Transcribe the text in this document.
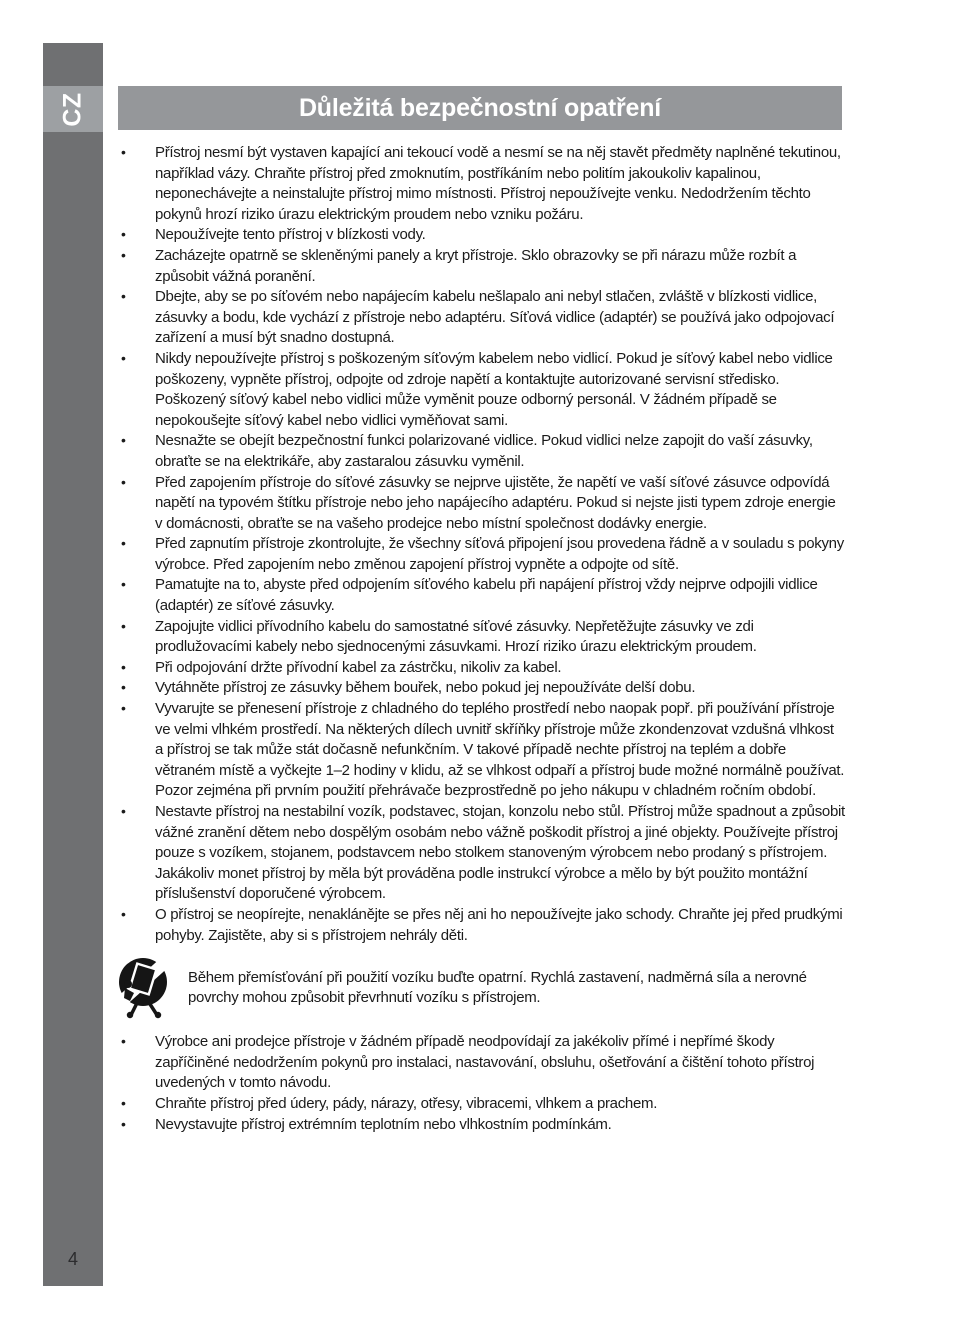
CZ
4
Důležitá bezpečnostní opatření
• Přístroj nesmí být vystaven kapající ani tekoucí vodě a nesmí se na něj stavět předměty naplněné tekutinou, například vázy. Chraňte přístroj před zmoknutím, postříkáním nebo politím jakoukoliv kapalinou, neponechávejte a neinstalujte přístroj mimo místnosti. Přístroj nepoužívejte venku. Nedodržením těchto pokynů hrozí riziko úrazu elektrickým proudem nebo vzniku požáru.
• Nepoužívejte tento přístroj v blízkosti vody.
• Zacházejte opatrně se skleněnými panely a kryt přístroje. Sklo obrazovky se při nárazu může rozbít a způsobit vážná poranění.
• Dbejte, aby se po síťovém nebo napájecím kabelu nešlapalo ani nebyl stlačen, zvláště v blízkosti vidlice, zásuvky a bodu, kde vychází z přístroje nebo adaptéru. Síťová vidlice (adaptér) se používá jako odpojovací zařízení a musí být snadno dostupná.
• Nikdy nepoužívejte přístroj s poškozeným síťovým kabelem nebo vidlicí. Pokud je síťový kabel nebo vidlice poškozeny, vypněte přístroj, odpojte od zdroje napětí a kontaktujte autorizované servisní středisko. Poškozený síťový kabel nebo vidlici může vyměnit pouze odborný personál. V žádném případě se nepokoušejte síťový kabel nebo vidlici vyměňovat sami.
• Nesnažte se obejít bezpečnostní funkci polarizované vidlice. Pokud vidlici nelze zapojit do vaší zásuvky, obraťte se na elektrikáře, aby zastaralou zásuvku vyměnil.
• Před zapojením přístroje do síťové zásuvky se nejprve ujistěte, že napětí ve vaší síťové zásuvce odpovídá napětí na typovém štítku přístroje nebo jeho napájecího adaptéru. Pokud si nejste jisti typem zdroje energie v domácnosti, obraťte se na vašeho prodejce nebo místní společnost dodávky energie.
• Před zapnutím přístroje zkontrolujte, že všechny síťová připojení jsou provedena řádně a v souladu s pokyny výrobce. Před zapojením nebo změnou zapojení přístroj vypněte a odpojte od sítě.
• Pamatujte na to, abyste před odpojením síťového kabelu při napájení přístroj vždy nejprve odpojili vidlice (adaptér) ze síťové zásuvky.
• Zapojujte vidlici přívodního kabelu do samostatné síťové zásuvky. Nepřetěžujte zásuvky ve zdi prodlužovacími kabely nebo sjednocenými zásuvkami. Hrozí riziko úrazu elektrickým proudem.
• Při odpojování držte přívodní kabel za zástrčku, nikoliv za kabel.
• Vytáhněte přístroj ze zásuvky během bouřek, nebo pokud jej nepoužíváte delší dobu.
• Vyvarujte se přenesení přístroje z chladného do teplého prostředí nebo naopak popř. při používání přístroje ve velmi vlhkém prostředí. Na některých dílech uvnitř skříňky přístroje může zkondenzovat vzdušná vlhkost a přístroj se tak může stát dočasně nefunkčním. V takové případě nechte přístroj na teplém a dobře větraném místě a vyčkejte 1–2 hodiny v klidu, až se vlhkost odpaří a přístroj bude možné normálně používat. Pozor zejména při prvním použití přehrávače bezprostředně po jeho nákupu v chladném ročním období.
• Nestavte přístroj na nestabilní vozík, podstavec, stojan, konzolu nebo stůl. Přístroj může spadnout a způsobit vážné zranění dětem nebo dospělým osobám nebo vážně poškodit přístroj a jiné objekty. Používejte přístroj pouze s vozíkem, stojanem, podstavcem nebo stolkem stanoveným výrobcem nebo prodaný s přístrojem. Jakákoliv monet přístroj by měla být prováděna podle instrukcí výrobce a mělo by být použito montážní příslušenství doporučené výrobcem.
• O přístroj se neopírejte, nenaklánějte se přes něj ani ho nepoužívejte jako schody. Chraňte jej před prudkými pohyby. Zajistěte, aby si s přístrojem nehrály děti.
Během přemísťování při použití vozíku buďte opatrní. Rychlá zastavení, nadměrná síla a nerovné povrchy mohou způsobit převrhnutí vozíku s přístrojem.
• Výrobce ani prodejce přístroje v žádném případě neodpovídají za jakékoliv přímé i nepřímé škody zapříčiněné nedodržením pokynů pro instalaci, nastavování, obsluhu, ošetřování a čištění tohoto přístroj uvedených v tomto návodu.
• Chraňte přístroj před údery, pády, nárazy, otřesy, vibracemi, vlhkem a prachem.
• Nevystavujte přístroj extrémním teplotním nebo vlhkostním podmínkám.
